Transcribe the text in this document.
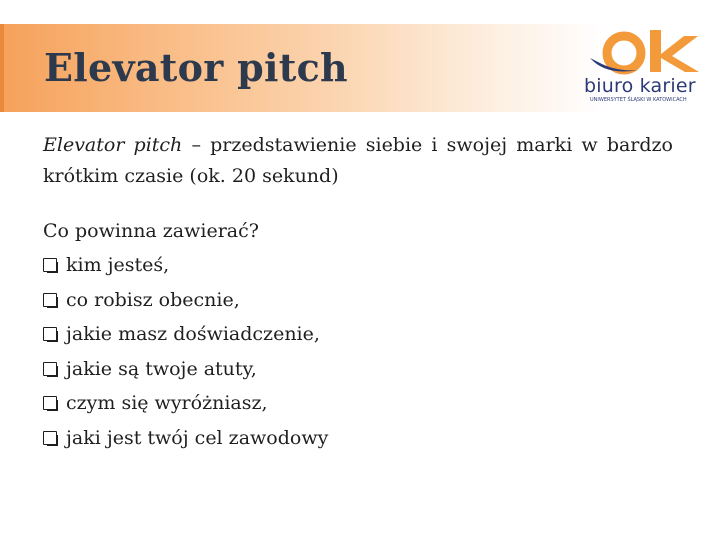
Elevator pitch	biuro karier
UNIWERSYTET ŚLĄSKI W KATOWICACH

Elevator pitch – przedstawienie siebie i swojej marki w bardzo krótkim czasie (ok. 20 sekund)

Co powinna zawierać?

kim jesteś,
co robisz obecnie,
jakie masz doświadczenie,
jakie są twoje atuty,
czym się wyróżniasz,
jaki jest twój cel zawodowy
